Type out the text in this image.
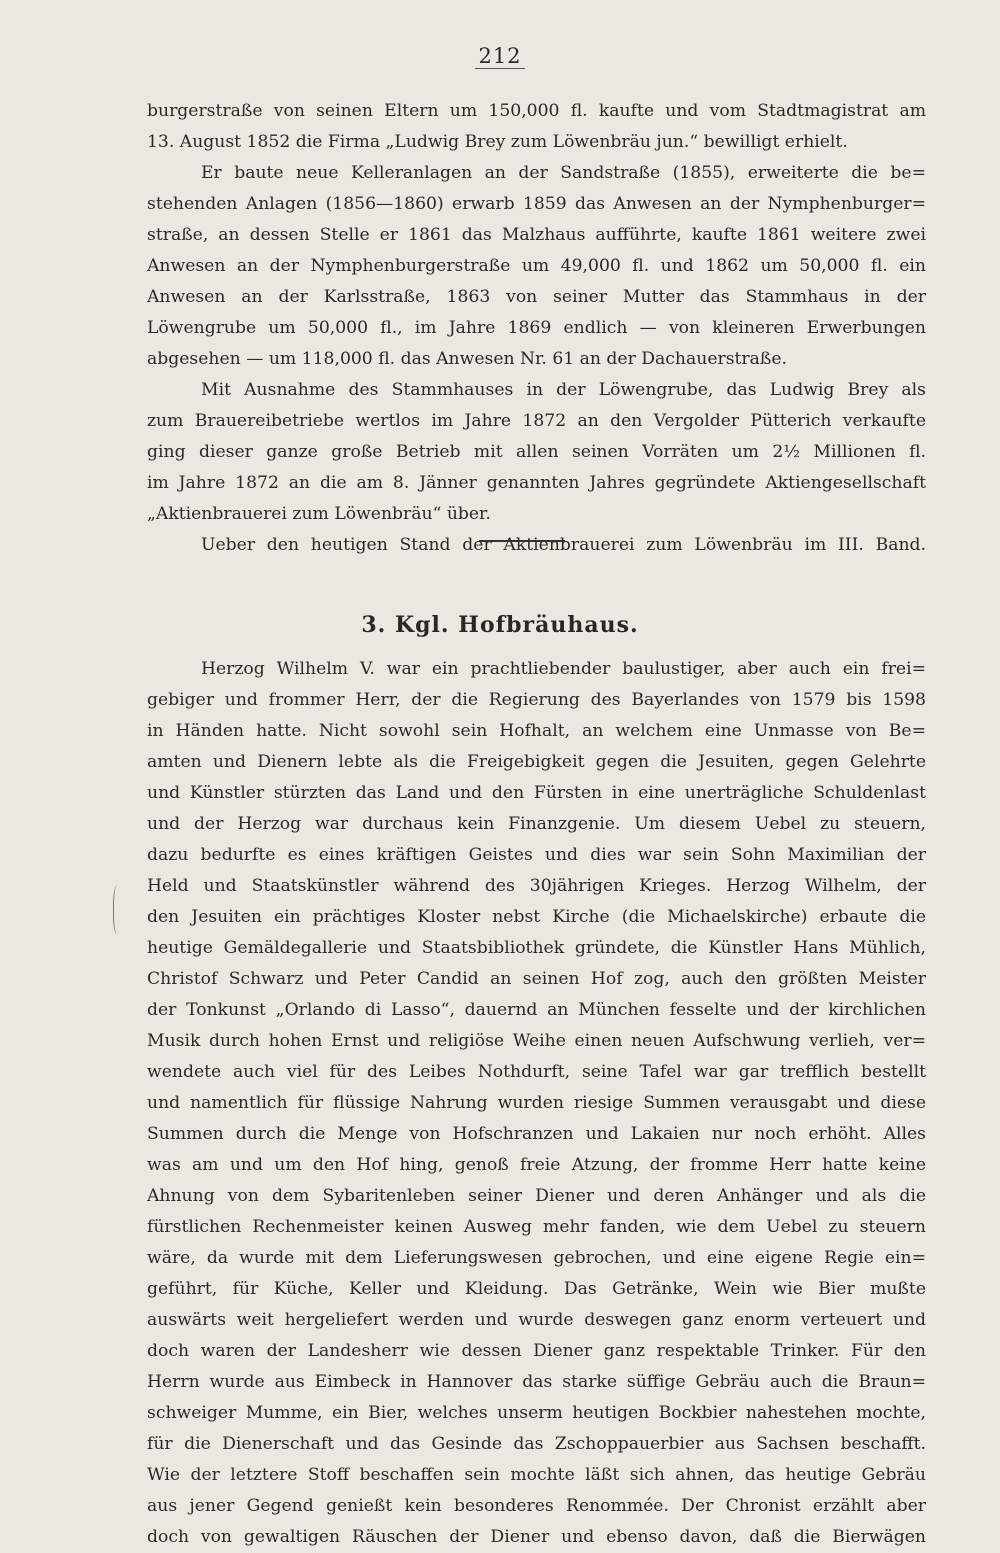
212
burgerstraße von seinen Eltern um 150,000 fl. kaufte und vom Stadtmagistrat am
13. August 1852 die Firma „Ludwig Brey zum Löwenbräu jun.“ bewilligt erhielt.
Er baute neue Kelleranlagen an der Sandstraße (1855), erweiterte die be=
stehenden Anlagen (1856—1860) erwarb 1859 das Anwesen an der Nymphenburger=
straße, an dessen Stelle er 1861 das Malzhaus aufführte, kaufte 1861 weitere zwei
Anwesen an der Nymphenburgerstraße um 49,000 fl. und 1862 um 50,000 fl. ein
Anwesen an der Karlsstraße, 1863 von seiner Mutter das Stammhaus in der
Löwengrube um 50,000 fl., im Jahre 1869 endlich — von kleineren Erwerbungen
abgesehen — um 118,000 fl. das Anwesen Nr. 61 an der Dachauerstraße.
Mit Ausnahme des Stammhauses in der Löwengrube, das Ludwig Brey als
zum Brauereibetriebe wertlos im Jahre 1872 an den Vergolder Pütterich verkaufte
ging dieser ganze große Betrieb mit allen seinen Vorräten um 2½ Millionen fl.
im Jahre 1872 an die am 8. Jänner genannten Jahres gegründete Aktiengesellschaft
„Aktienbrauerei zum Löwenbräu“ über.
Ueber den heutigen Stand der Aktienbrauerei zum Löwenbräu im III. Band.
3. Kgl. Hofbräuhaus.
Herzog Wilhelm V. war ein prachtliebender baulustiger, aber auch ein frei=
gebiger und frommer Herr, der die Regierung des Bayerlandes von 1579 bis 1598
in Händen hatte. Nicht sowohl sein Hofhalt, an welchem eine Unmasse von Be=
amten und Dienern lebte als die Freigebigkeit gegen die Jesuiten, gegen Gelehrte
und Künstler stürzten das Land und den Fürsten in eine unerträgliche Schuldenlast
und der Herzog war durchaus kein Finanzgenie. Um diesem Uebel zu steuern,
dazu bedurfte es eines kräftigen Geistes und dies war sein Sohn Maximilian der
Held und Staatskünstler während des 30jährigen Krieges. Herzog Wilhelm, der
den Jesuiten ein prächtiges Kloster nebst Kirche (die Michaelskirche) erbaute die
heutige Gemäldegallerie und Staatsbibliothek gründete, die Künstler Hans Mühlich,
Christof Schwarz und Peter Candid an seinen Hof zog, auch den größten Meister
der Tonkunst „Orlando di Lasso“, dauernd an München fesselte und der kirchlichen
Musik durch hohen Ernst und religiöse Weihe einen neuen Aufschwung verlieh, ver=
wendete auch viel für des Leibes Nothdurft, seine Tafel war gar trefflich bestellt
und namentlich für flüssige Nahrung wurden riesige Summen verausgabt und diese
Summen durch die Menge von Hofschranzen und Lakaien nur noch erhöht. Alles
was am und um den Hof hing, genoß freie Atzung, der fromme Herr hatte keine
Ahnung von dem Sybaritenleben seiner Diener und deren Anhänger und als die
fürstlichen Rechenmeister keinen Ausweg mehr fanden, wie dem Uebel zu steuern
wäre, da wurde mit dem Lieferungswesen gebrochen, und eine eigene Regie ein=
geführt, für Küche, Keller und Kleidung. Das Getränke, Wein wie Bier mußte
auswärts weit hergeliefert werden und wurde deswegen ganz enorm verteuert und
doch waren der Landesherr wie dessen Diener ganz respektable Trinker. Für den
Herrn wurde aus Eimbeck in Hannover das starke süffige Gebräu auch die Braun=
schweiger Mumme, ein Bier, welches unserm heutigen Bockbier nahestehen mochte,
für die Dienerschaft und das Gesinde das Zschoppauerbier aus Sachsen beschafft.
Wie der letztere Stoff beschaffen sein mochte läßt sich ahnen, das heutige Gebräu
aus jener Gegend genießt kein besonderes Renommée. Der Chronist erzählt aber
doch von gewaltigen Räuschen der Diener und ebenso davon, daß die Bierwägen
